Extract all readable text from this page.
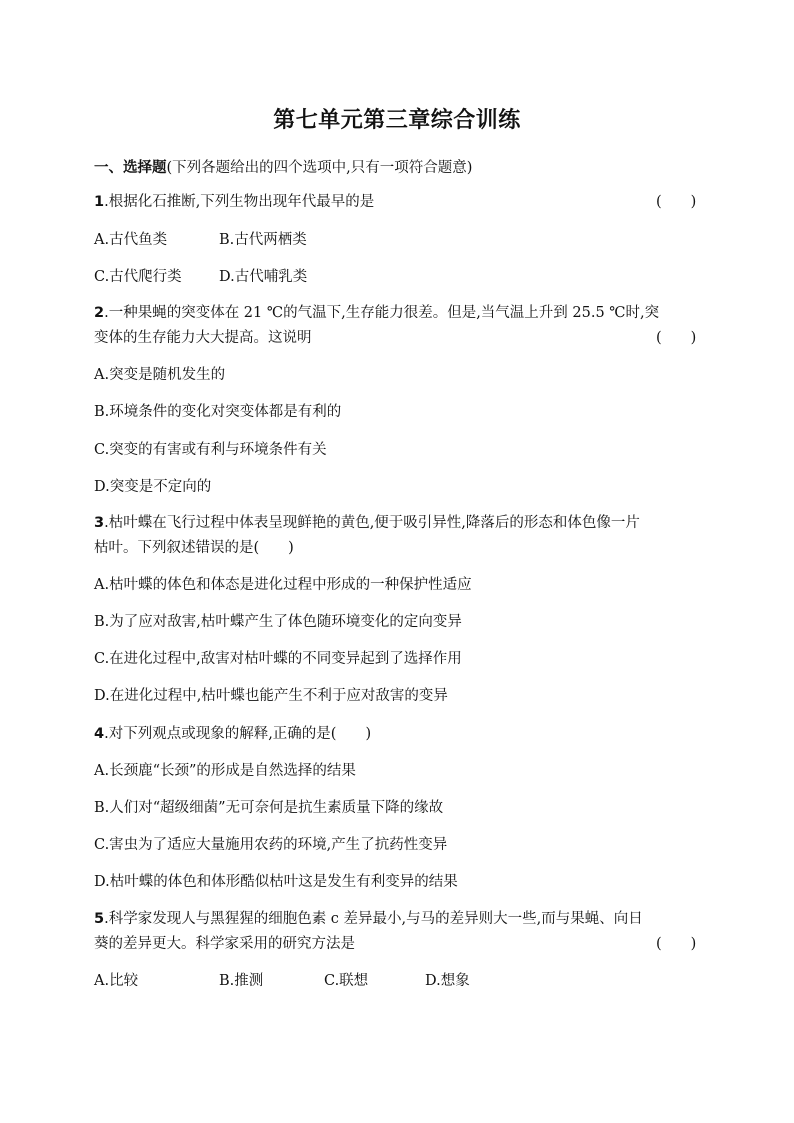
第七单元第三章综合训练
一、选择题(下列各题给出的四个选项中,只有一项符合题意)
1.根据化石推断,下列生物出现年代最早的是	(　　)
A.古代鱼类	B.古代两栖类
C.古代爬行类	D.古代哺乳类
2.一种果蝇的突变体在 21 ℃的气温下,生存能力很差。但是,当气温上升到 25.5 ℃时,突
变体的生存能力大大提高。这说明	(　　)
A.突变是随机发生的
B.环境条件的变化对突变体都是有利的
C.突变的有害或有利与环境条件有关
D.突变是不定向的
3.枯叶蝶在飞行过程中体表呈现鲜艳的黄色,便于吸引异性,降落后的形态和体色像一片
枯叶。下列叙述错误的是(　　)
A.枯叶蝶的体色和体态是进化过程中形成的一种保护性适应
B.为了应对敌害,枯叶蝶产生了体色随环境变化的定向变异
C.在进化过程中,敌害对枯叶蝶的不同变异起到了选择作用
D.在进化过程中,枯叶蝶也能产生不利于应对敌害的变异
4.对下列观点或现象的解释,正确的是(　　)
A.长颈鹿“长颈”的形成是自然选择的结果
B.人们对“超级细菌”无可奈何是抗生素质量下降的缘故
C.害虫为了适应大量施用农药的环境,产生了抗药性变异
D.枯叶蝶的体色和体形酷似枯叶这是发生有利变异的结果
5.科学家发现人与黑猩猩的细胞色素 c 差异最小,与马的差异则大一些,而与果蝇、向日
葵的差异更大。科学家采用的研究方法是	(　　)
A.比较	B.推测	C.联想	D.想象
